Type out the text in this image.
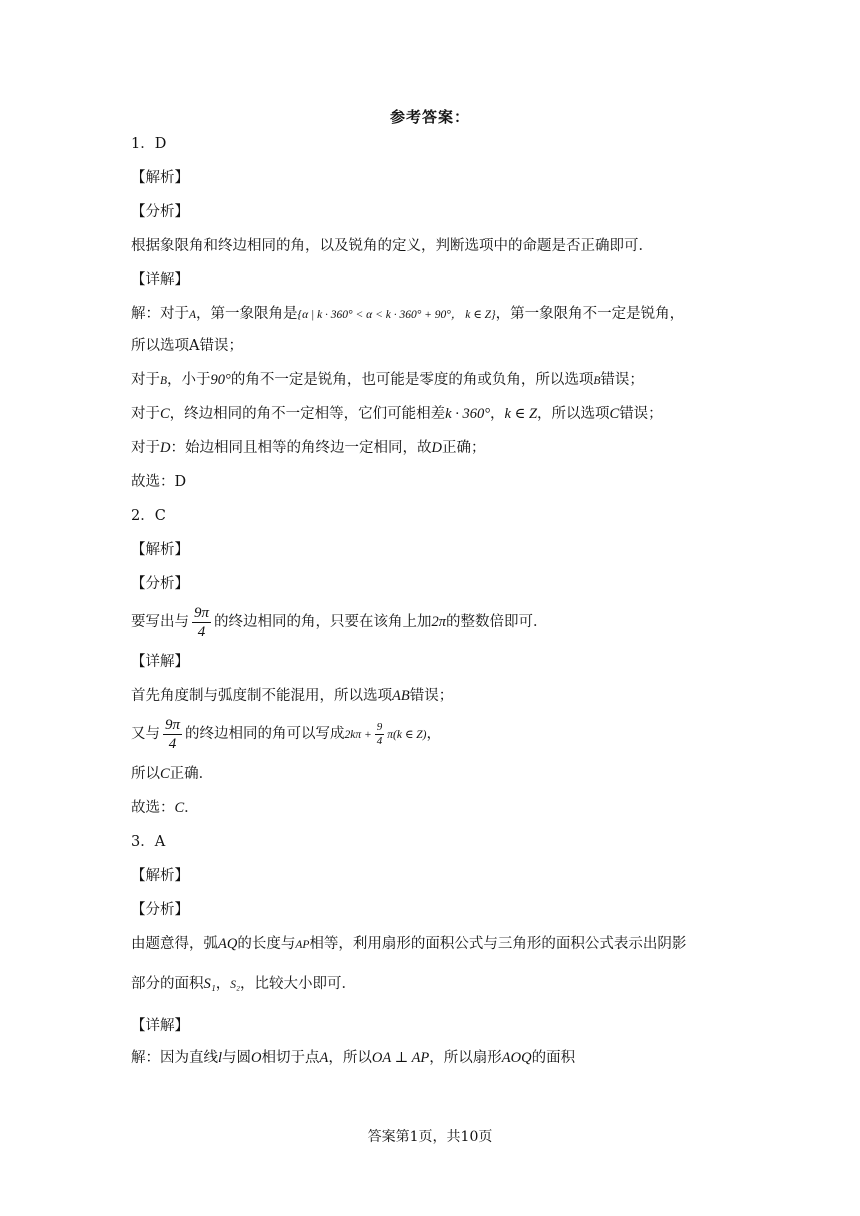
参考答案：
1．D
【解析】
【分析】
根据象限角和终边相同的角，以及锐角的定义，判断选项中的命题是否正确即可．
【详解】
解：对于A，第一象限角是{α | k · 360° < α < k · 360° + 90°， k ∈ Z}，第一象限角不一定是锐角，
所以选项A错误；
对于B，小于90°的角不一定是锐角，也可能是零度的角或负角，所以选项B错误；
对于C，终边相同的角不一定相等，它们可能相差k · 360°，k ∈ Z，所以选项C错误；
对于D：始边相同且相等的角终边一定相同，故D正确；
故选：D
2．C
【解析】
【分析】
要写出与 $\frac{9\pi}{4}$ 的终边相同的角，只要在该角上加2π的整数倍即可．
【详解】
首先角度制与弧度制不能混用，所以选项AB错误；
又与 $\frac{9\pi}{4}$ 的终边相同的角可以写成$2k\pi + \frac{9}{4} \pi(k$ ∈ Z)，
所以C正确．
故选：C．
3．A
【解析】
【分析】
由题意得，弧AQ的长度与AP相等，利用扇形的面积公式与三角形的面积公式表示出阴影
部分的面积S₁，S₂，比较大小即可．
【详解】
解：因为直线l与圆O相切于点A，所以OA ⊥ AP，所以扇形AOQ的面积
答案第1页，共10页
